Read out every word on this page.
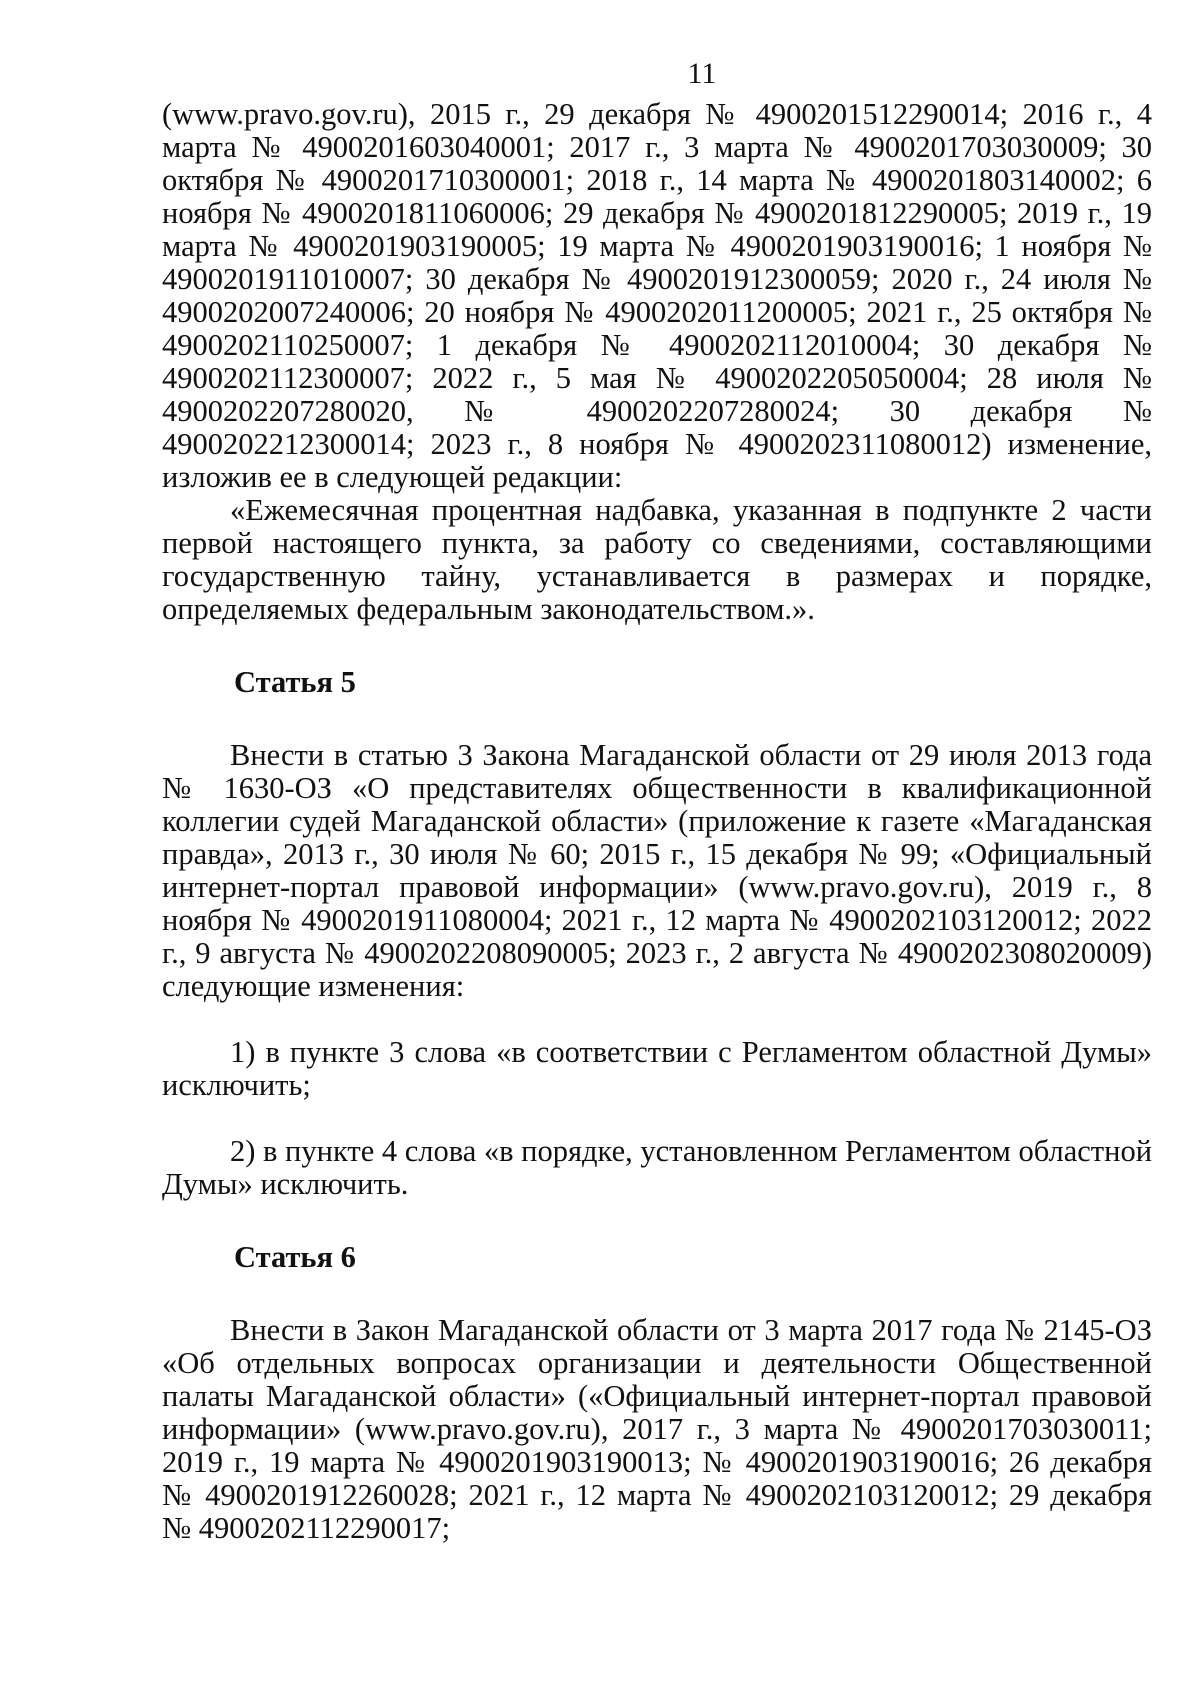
11

(www.pravo.gov.ru), 2015 г., 29 декабря № 4900201512290014; 2016 г., 4 марта № 4900201603040001; 2017 г., 3 марта № 4900201703030009; 30 октября № 4900201710300001; 2018 г., 14 марта № 4900201803140002; 6 ноября № 4900201811060006; 29 декабря № 4900201812290005; 2019 г., 19 марта № 4900201903190005; 19 марта № 4900201903190016; 1 ноября № 4900201911010007; 30 декабря № 4900201912300059; 2020 г., 24 июля № 4900202007240006; 20 ноября № 4900202011200005; 2021 г., 25 октября № 4900202110250007; 1 декабря № 4900202112010004; 30 декабря № 4900202112300007; 2022 г., 5 мая № 4900202205050004; 28 июля № 4900202207280020, № 4900202207280024; 30 декабря № 4900202212300014; 2023 г., 8 ноября № 4900202311080012) изменение, изложив ее в следующей редакции:

«Ежемесячная процентная надбавка, указанная в подпункте 2 части первой настоящего пункта, за работу со сведениями, составляющими государственную тайну, устанавливается в размерах и порядке, определяемых федеральным законодательством.».

Статья 5

Внести в статью 3 Закона Магаданской области от 29 июля 2013 года № 1630-ОЗ «О представителях общественности в квалификационной коллегии судей Магаданской области» (приложение к газете «Магаданская правда», 2013 г., 30 июля № 60; 2015 г., 15 декабря № 99; «Официальный интернет-портал правовой информации» (www.pravo.gov.ru), 2019 г., 8 ноября № 4900201911080004; 2021 г., 12 марта № 4900202103120012; 2022 г., 9 августа № 4900202208090005; 2023 г., 2 августа № 4900202308020009) следующие изменения:

1) в пункте 3 слова «в соответствии с Регламентом областной Думы» исключить;

2) в пункте 4 слова «в порядке, установленном Регламентом областной Думы» исключить.

Статья 6

Внести в Закон Магаданской области от 3 марта 2017 года № 2145-ОЗ «Об отдельных вопросах организации и деятельности Общественной палаты Магаданской области» («Официальный интернет-портал правовой информации» (www.pravo.gov.ru), 2017 г., 3 марта № 4900201703030011; 2019 г., 19 марта № 4900201903190013; № 4900201903190016; 26 декабря № 4900201912260028; 2021 г., 12 марта № 4900202103120012; 29 декабря № 4900202112290017;
